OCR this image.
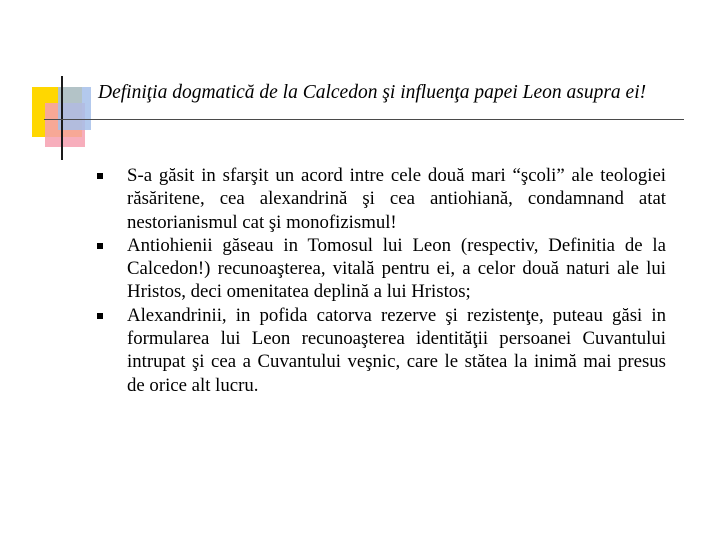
Definiţia dogmatică de la Calcedon şi influenţa papei Leon asupra ei!
S-a găsit in sfarşit un acord intre cele două mari “şcoli” ale teologiei răsăritene, cea alexandrină şi cea antiohiană, condamnand atat nestorianismul cat şi monofizismul!
Antiohienii găseau in Tomosul lui Leon (respectiv, Definitia de la Calcedon!) recunoaşterea, vitală pentru ei, a celor două naturi ale lui Hristos, deci omenitatea deplină a lui Hristos;
Alexandrinii, in pofida catorva rezerve şi rezistenţe, puteau găsi in formularea lui Leon recunoaşterea identităţii persoanei Cuvantului intrupat şi cea a Cuvantului veşnic, care le stătea la inimă mai presus de orice alt lucru.
